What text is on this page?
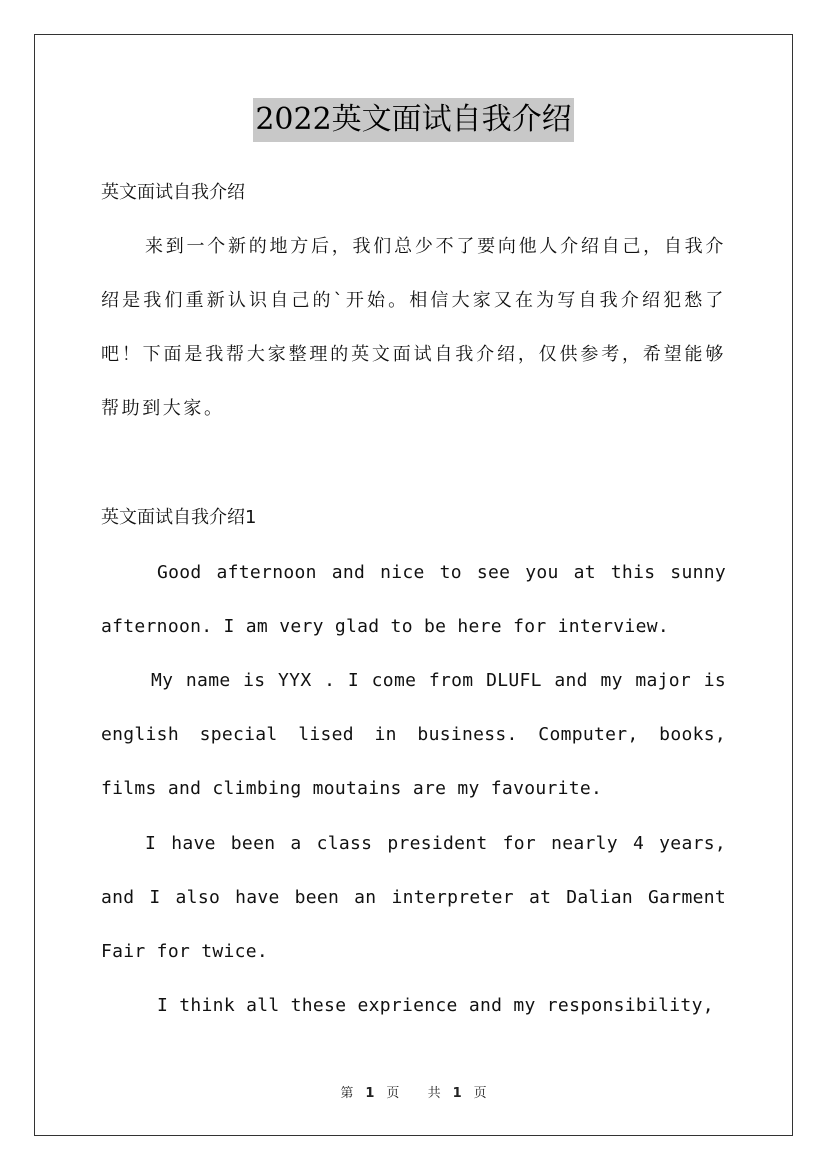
2022英文面试自我介绍
英文面试自我介绍
来到一个新的地方后，我们总少不了要向他人介绍自己，自我介绍是我们重新认识自己的`开始。相信大家又在为写自我介绍犯愁了吧！下面是我帮大家整理的英文面试自我介绍，仅供参考，希望能够帮助到大家。
英文面试自我介绍1
Good afternoon and nice to see you at this sunny afternoon. I am very glad to be here for interview.
My name is YYX . I come from DLUFL and my major is english special lised in business. Computer, books, films and climbing moutains are my favourite.
I have been a class president for nearly 4 years, and I also have been an interpreter at Dalian Garment Fair for twice.
I think all these exprience and my responsibility,
第 1 页 共 1 页
